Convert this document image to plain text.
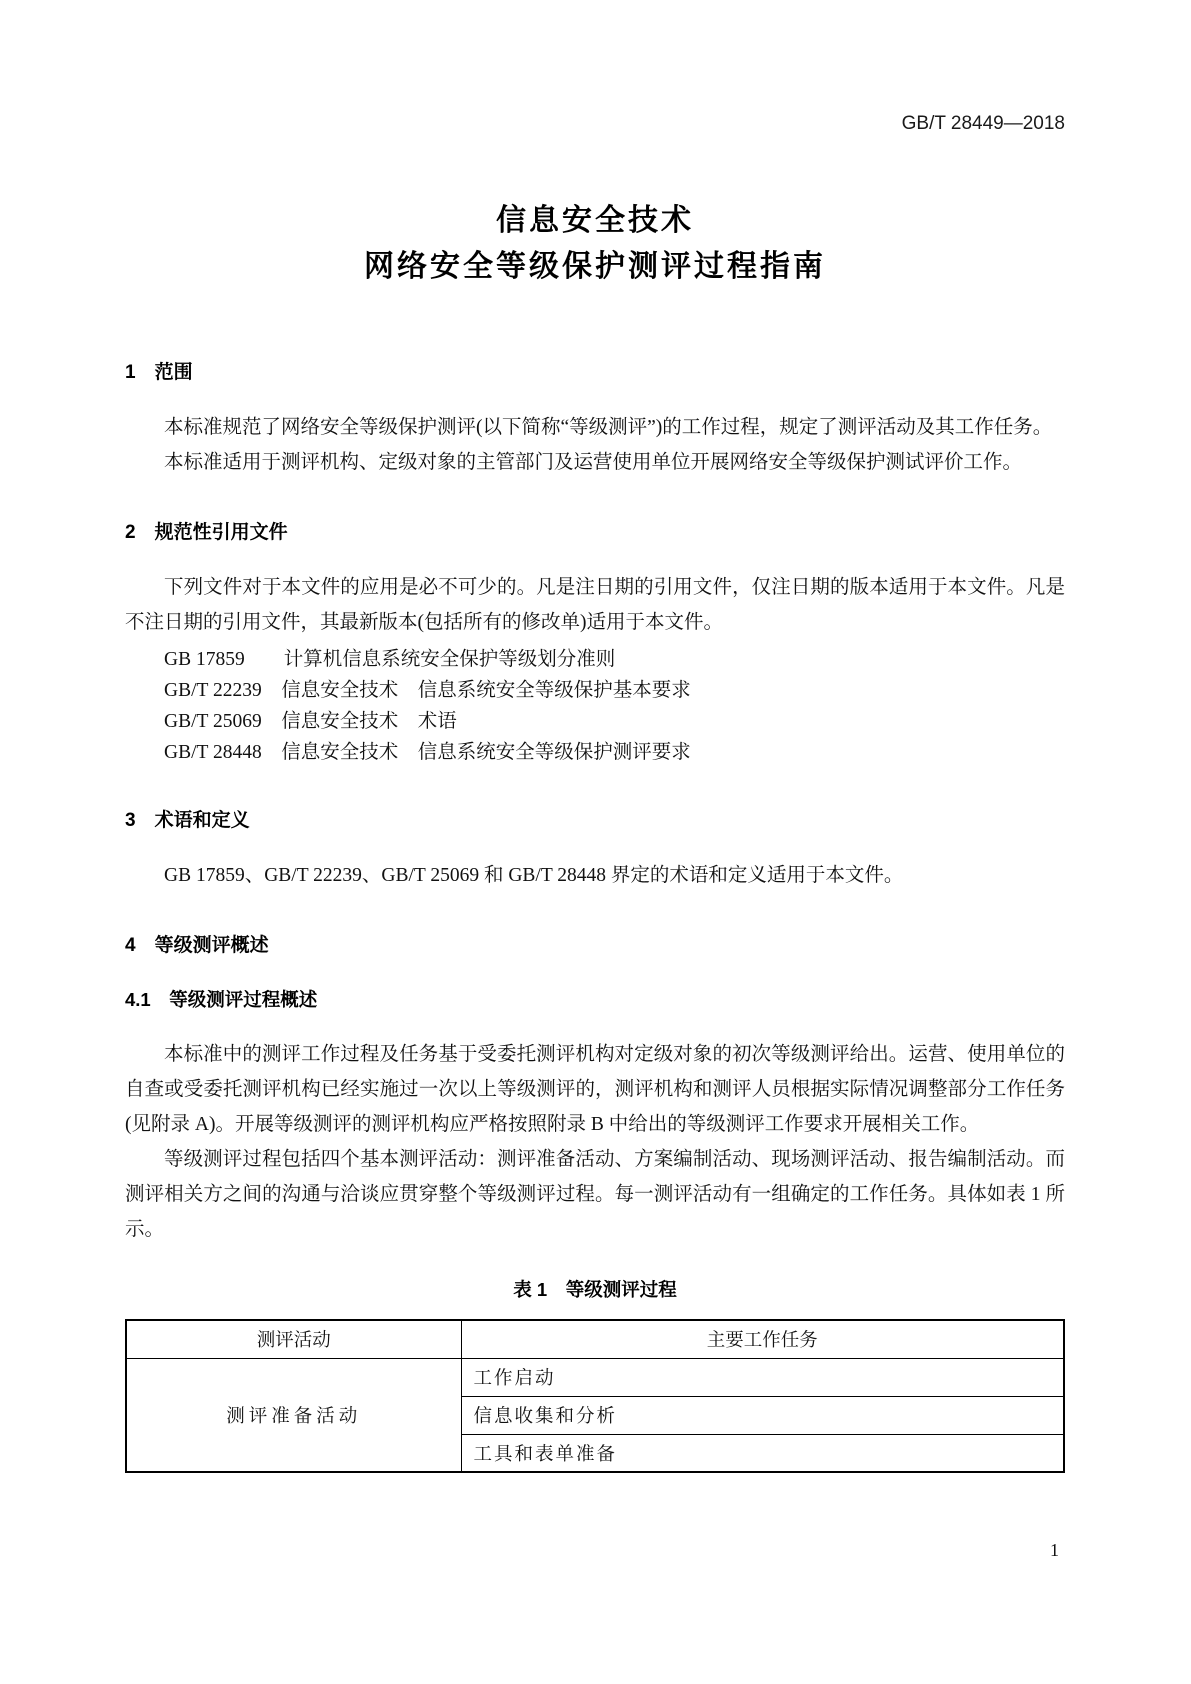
GB/T 28449—2018
信息安全技术
网络安全等级保护测评过程指南
1　范围

本标准规范了网络安全等级保护测评(以下简称“等级测评”)的工作过程，规定了测评活动及其工作任务。

本标准适用于测评机构、定级对象的主管部门及运营使用单位开展网络安全等级保护测试评价工作。

2　规范性引用文件

下列文件对于本文件的应用是必不可少的。凡是注日期的引用文件，仅注日期的版本适用于本文件。凡是不注日期的引用文件，其最新版本(包括所有的修改单)适用于本文件。

GB 17859　　计算机信息系统安全保护等级划分准则
GB/T 22239　信息安全技术　信息系统安全等级保护基本要求
GB/T 25069　信息安全技术　术语
GB/T 28448　信息安全技术　信息系统安全等级保护测评要求
3　术语和定义

GB 17859、GB/T 22239、GB/T 25069 和 GB/T 28448 界定的术语和定义适用于本文件。

4　等级测评概述
4.1　等级测评过程概述

本标准中的测评工作过程及任务基于受委托测评机构对定级对象的初次等级测评给出。运营、使用单位的自查或受委托测评机构已经实施过一次以上等级测评的，测评机构和测评人员根据实际情况调整部分工作任务(见附录 A)。开展等级测评的测评机构应严格按照附录 B 中给出的等级测评工作要求开展相关工作。

等级测评过程包括四个基本测评活动：测评准备活动、方案编制活动、现场测评活动、报告编制活动。而测评相关方之间的沟通与洽谈应贯穿整个等级测评过程。每一测评活动有一组确定的工作任务。具体如表 1 所示。

表 1　等级测评过程
测评活动	主要工作任务
测评准备活动	工作启动
	信息收集和分析
	工具和表单准备
1
